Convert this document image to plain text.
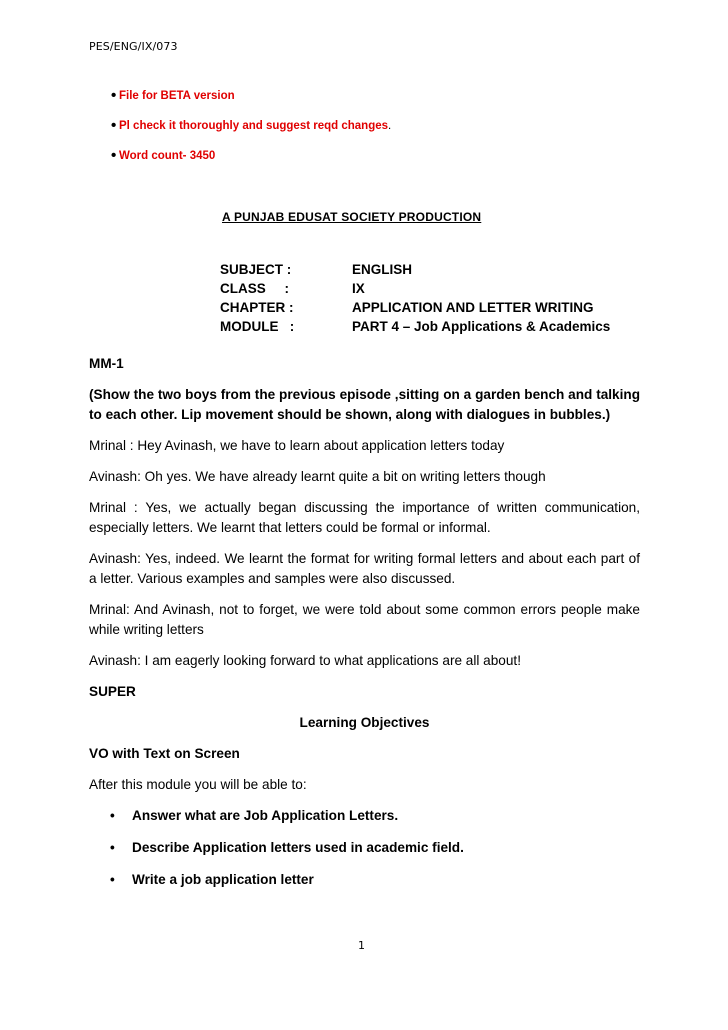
PES/ENG/IX/073
• File for BETA version
• Pl check it thoroughly and suggest reqd changes.
• Word count- 3450
A PUNJAB EDUSAT SOCIETY PRODUCTION
SUBJECT :	ENGLISH
CLASS     :	IX
CHAPTER :	APPLICATION AND LETTER WRITING
MODULE   :	PART 4 – Job Applications & Academics

MM-1

(Show the two boys from the previous episode ,sitting on a garden bench and talking to each other. Lip movement should be shown, along with dialogues in bubbles.)

Mrinal : Hey Avinash, we have to learn about application letters today

Avinash: Oh yes. We have already learnt quite a bit on writing letters though

Mrinal : Yes, we actually began discussing the importance of written communication, especially letters. We learnt that letters could be formal or informal.

Avinash: Yes, indeed. We learnt the format for writing formal letters and about each part of a letter. Various examples and samples were also discussed.

Mrinal: And Avinash, not to forget, we were told about some common errors people make while writing letters

Avinash: I am eagerly looking forward to what applications are all about!

SUPER

Learning Objectives

VO with Text on Screen

After this module you will be able to:

• Answer what are Job Application Letters.
• Describe Application letters used in academic field.
• Write a job application letter
1
